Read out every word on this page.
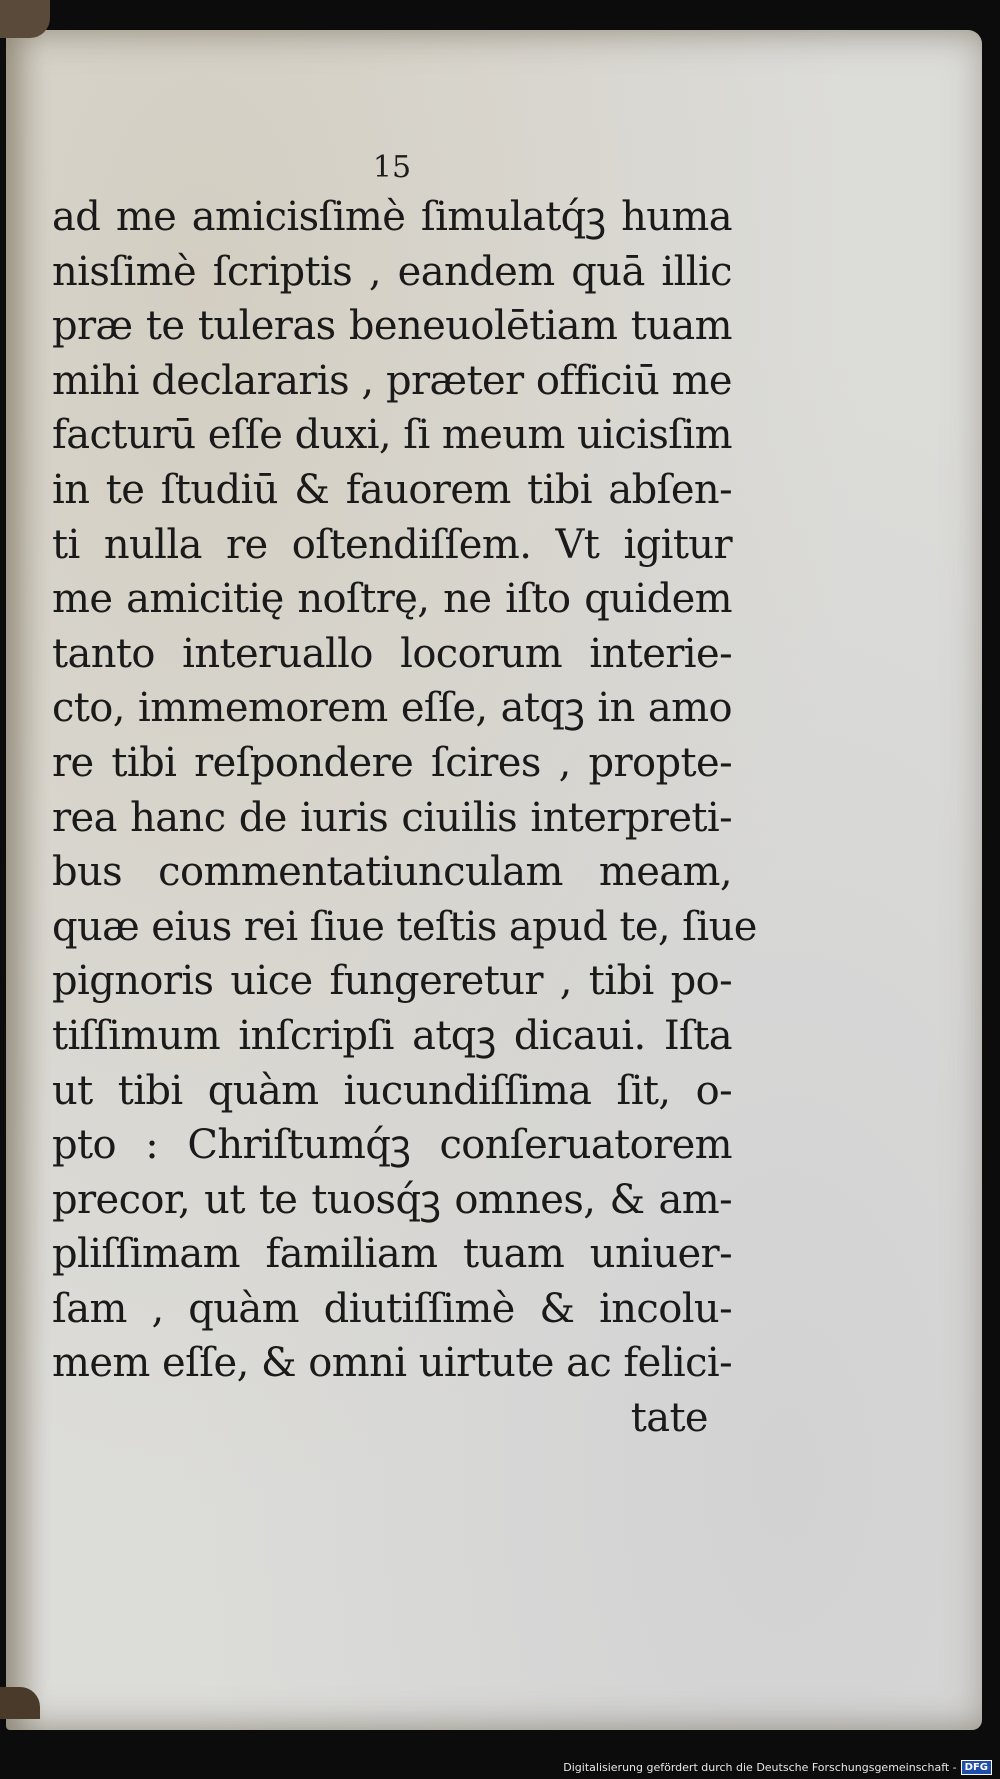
15
ad me amicisſimè ſimulatq́ꝫ huma
nisſimè ſcriptis , eandem quā illic
præ te tuleras beneuolētiam tuam
mihi declararis , præter officiū me
facturū eſſe duxi, ſi meum uicisſim
in te ſtudiū & fauorem tibi abſen-
ti nulla re oſtendiſſem. Vt igitur
me amicitię noſtrę, ne iſto quidem
tanto interuallo locorum interie-
cto, immemorem eſſe, atqꝫ in amo
re tibi reſpondere ſcires , propte-
rea hanc de iuris ciuilis interpreti-
bus commentatiunculam meam,
quæ eius rei ſiue teſtis apud te, ſiue
pignoris uice fungeretur , tibi po-
tiſſimum inſcripſi atqꝫ dicaui. Iſta
ut tibi quàm iucundiſſima ſit, o-
pto : Chriſtumq́ꝫ conſeruatorem
precor, ut te tuosq́ꝫ omnes, & am-
pliſſimam familiam tuam uniuer-
ſam , quàm diutiſſimè & incolu-
mem eſſe, & omni uirtute ac felici-
tate
Digitalisierung gefördert durch die Deutsche Forschungsgemeinschaft - DFG
